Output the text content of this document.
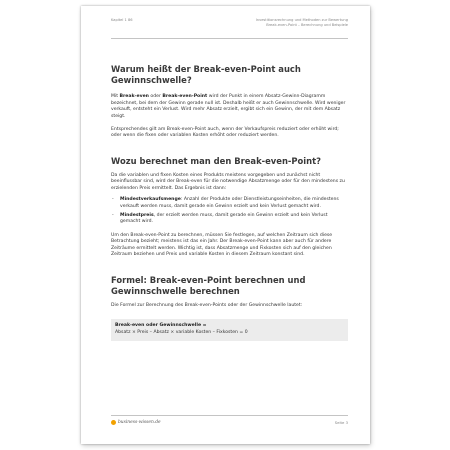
Kapitel 1 86	Investitionsrechnung und Methoden zur Bewertung
Break-even-Point – Berechnung und Beispiele
Warum heißt der Break-even-Point auch Gewinnschwelle?

Mit Break-even oder Break-even-Point wird der Punkt in einem Absatz-Gewinn-Diagramm bezeichnet, bei dem der Gewinn gerade null ist. Deshalb heißt er auch Gewinnschwelle. Wird weniger verkauft, entsteht ein Verlust. Wird mehr Absatz erzielt, ergibt sich ein Gewinn, der mit dem Absatz steigt.

Entsprechendes gilt am Break-even-Point auch, wenn der Verkaufspreis reduziert oder erhöht wird; oder wenn die fixen oder variablen Kosten erhöht oder reduziert werden.

Wozu berechnet man den Break-even-Point?

Da die variablen und fixen Kosten eines Produkts meistens vorgegeben und zunächst nicht beeinflussbar sind, wird der Break-even für die notwendige Absatzmenge oder für den mindestens zu erzielenden Preis ermittelt. Das Ergebnis ist dann:

- Mindestverkaufsmenge: Anzahl der Produkte oder Dienstleistungseinheiten, die mindestens verkauft werden muss, damit gerade ein Gewinn erzielt und kein Verlust gemacht wird.
- Mindestpreis, der erzielt werden muss, damit gerade ein Gewinn erzielt und kein Verlust gemacht wird.

Um den Break-even-Point zu berechnen, müssen Sie festlegen, auf welchen Zeitraum sich diese Betrachtung bezieht; meistens ist das ein Jahr. Der Break-even-Point kann aber auch für andere Zeiträume ermittelt werden. Wichtig ist, dass Absatzmenge und Fixkosten sich auf den gleichen Zeitraum beziehen und Preis und variable Kosten in diesem Zeitraum konstant sind.

Formel: Break-even-Point berechnen und Gewinnschwelle berechnen

Die Formel zur Berechnung des Break-even-Points oder der Gewinnschwelle lautet:

Break-even oder Gewinnschwelle =

Absatz × Preis – Absatz × variable Kosten – Fixkosten = 0

business-wissen.de	Seite 3
